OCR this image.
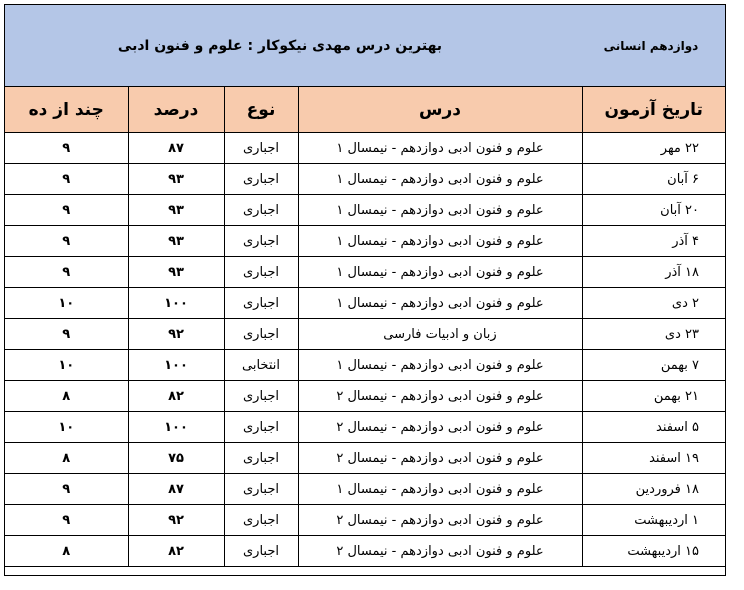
بهترین درس مهدی نیکوکار : علوم و فنون ادبی	دوازدهم انسانی
چند از ده	درصد	نوع	درس	تاریخ آزمون
۹	۸۷	اجباری	علوم و فنون ادبی دوازدهم - نیمسال ۱	۲۲ مهر
۹	۹۳	اجباری	علوم و فنون ادبی دوازدهم - نیمسال ۱	۶ آبان
۹	۹۳	اجباری	علوم و فنون ادبی دوازدهم - نیمسال ۱	۲۰ آبان
۹	۹۳	اجباری	علوم و فنون ادبی دوازدهم - نیمسال ۱	۴ آذر
۹	۹۳	اجباری	علوم و فنون ادبی دوازدهم - نیمسال ۱	۱۸ آذر
۱۰	۱۰۰	اجباری	علوم و فنون ادبی دوازدهم - نیمسال ۱	۲ دی
۹	۹۲	اجباری	زبان و ادبیات فارسی	۲۳ دی
۱۰	۱۰۰	انتخابی	علوم و فنون ادبی دوازدهم - نیمسال ۱	۷ بهمن
۸	۸۲	اجباری	علوم و فنون ادبی دوازدهم - نیمسال ۲	۲۱ بهمن
۱۰	۱۰۰	اجباری	علوم و فنون ادبی دوازدهم - نیمسال ۲	۵ اسفند
۸	۷۵	اجباری	علوم و فنون ادبی دوازدهم - نیمسال ۲	۱۹ اسفند
۹	۸۷	اجباری	علوم و فنون ادبی دوازدهم - نیمسال ۱	۱۸ فروردین
۹	۹۲	اجباری	علوم و فنون ادبی دوازدهم - نیمسال ۲	۱ اردیبهشت
۸	۸۲	اجباری	علوم و فنون ادبی دوازدهم - نیمسال ۲	۱۵ اردیبهشت
